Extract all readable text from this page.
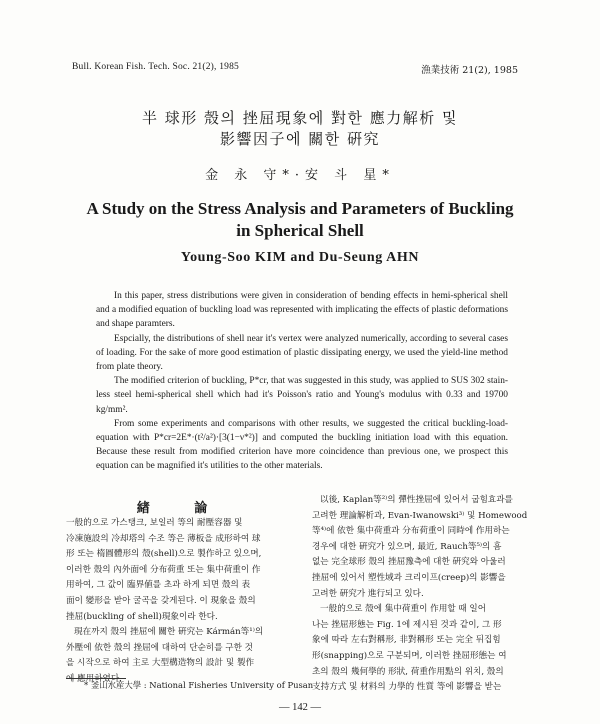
Bull. Korean Fish. Tech. Soc. 21(2), 1985	漁業技術 21(2), 1985
半 球形 殼의 挫屈現象에 對한 應力解析 및
影響因子에 關한 硏究
金 永 守*·安 斗 星*
A Study on the Stress Analysis and Parameters of Buckling
in Spherical Shell
Young-Soo KIM and Du-Seung AHN

In this paper, stress distributions were given in consideration of bending effects in hemi-spherical shell and a modified equation of buckling load was represented with implicating the effects of plastic deformations and shape paramters.

Espcially, the distributions of shell near it's vertex were analyzed numerically, according to several cases of loading. For the sake of more good estimation of plastic dissipating energy, we used the yield-line method from plate theory.

The modified criterion of buckling, P*cr, that was suggested in this study, was applied to SUS 302 stain-less steel hemi-spherical shell which had it's Poisson's ratio and Young's modulus with 0.33 and 19700 kg/mm².

From some experiments and comparisons with other results, we suggested the critical buckling-load-equation with P*cr=2E*·(t²/a²)·[3(1−ν*²)] and computed the buckling initiation load with this equation. Because these result from modified criterion have more coincidence than previous one, we prospect this equation can be magnified it's utilities to the other materials.

緖 論
一般的으로 가스탱크, 보일러 等의 耐壓容器 및
冷凍施設의 冷却塔의 수조 等은 薄板을 成形하여 球
形 또는 楕圓體形의 殼(shell)으로 製作하고 있으며,
이러한 殼의 內外面에 分布荷重 또는 集中荷重이 作
用하여, 그 값이 臨界値를 초과 하게 되면 殼의 表
面이 變形을 받아 굴곡을 갖게된다. 이 現象을 殼의
挫屈(buckling of shell)現象이라 한다.
現在까지 殼의 挫屈에 關한 硏究는 Kármán等¹⁾의
外壓에 依한 殼의 挫屈에 대하여 단순히를 구한 것
을 시작으로 하여 主로 大型構造物의 設計 및 製作
에 應用하였다.
以後, Kaplan等²⁾의 彈性挫屈에 있어서 굽힘효과를
고려한 理論解析과, Evan-Iwanowski³⁾ 및 Homewood
等⁴⁾에 依한 集中荷重과 分布荷重이 同時에 作用하는
경우에 대한 硏究가 있으며, 最近, Rauch等⁵⁾의 흠
없는 完全球形 殼의 挫屈豫측에 대한 硏究와 아울러
挫屈에 있어서 塑性域과 크리이프(creep)의 影響을
고려한 硏究가 進行되고 있다.
一般的으로 殼에 集中荷重이 作用할 때 일어
나는 挫屈形態는 Fig. 1에 제시된 것과 같이, 그 形
象에 따라 左右對稱形, 非對稱形 또는 完全 뒤집힘
形(snapping)으로 구분되며, 이러한 挫屈形態는 여
초의 殼의 幾何學的 形狀, 荷重作用點의 위치, 殼의
支持方式 및 材料의 力學的 性質 等에 影響을 받는
* 釜山水産大學 : National Fisheries University of Pusan
— 142 —
